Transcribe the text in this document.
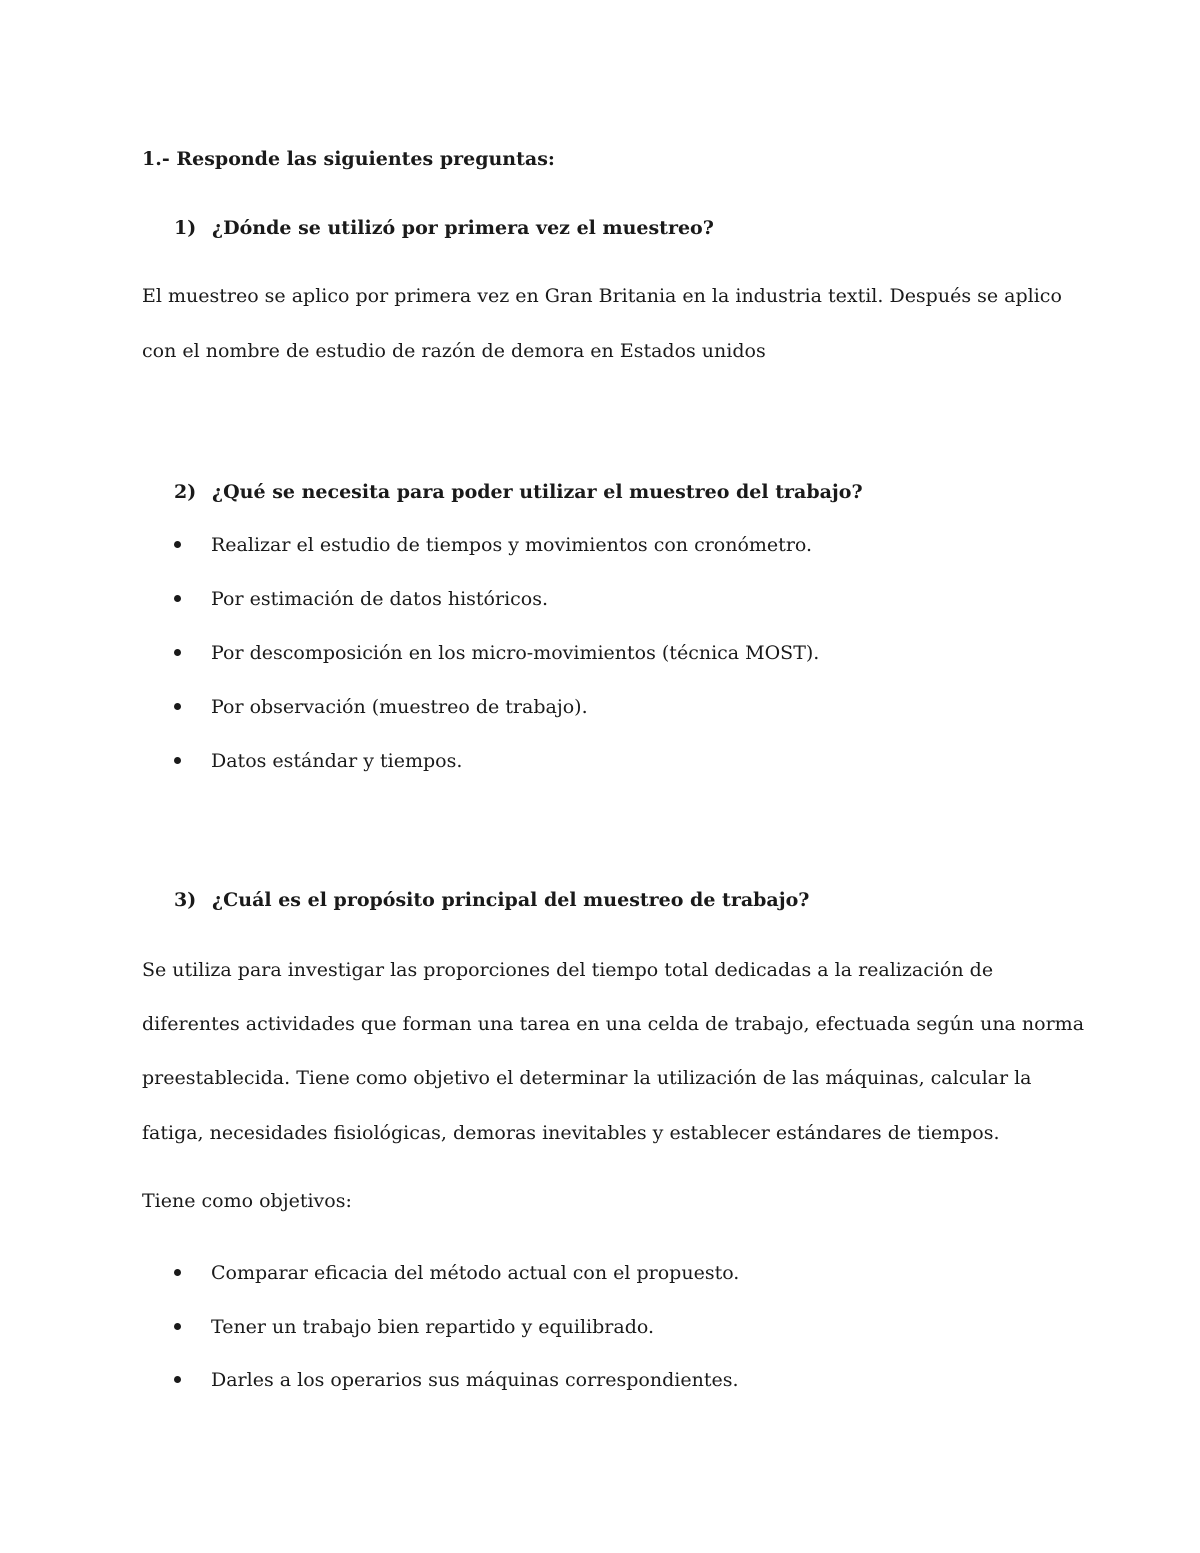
1.- Responde las siguientes preguntas:
1) ¿Dónde se utilizó por primera vez el muestreo?
El muestreo se aplico por primera vez en Gran Britania en la industria textil. Después se aplico
con el nombre de estudio de razón de demora en Estados unidos
2) ¿Qué se necesita para poder utilizar el muestreo del trabajo?
Realizar el estudio de tiempos y movimientos con cronómetro.
Por estimación de datos históricos.
Por descomposición en los micro-movimientos (técnica MOST).
Por observación (muestreo de trabajo).
Datos estándar y tiempos.
3) ¿Cuál es el propósito principal del muestreo de trabajo?
Se utiliza para investigar las proporciones del tiempo total dedicadas a la realización de
diferentes actividades que forman una tarea en una celda de trabajo, efectuada según una norma
preestablecida. Tiene como objetivo el determinar la utilización de las máquinas, calcular la
fatiga, necesidades fisiológicas, demoras inevitables y establecer estándares de tiempos.
Tiene como objetivos:
Comparar eficacia del método actual con el propuesto.
Tener un trabajo bien repartido y equilibrado.
Darles a los operarios sus máquinas correspondientes.
